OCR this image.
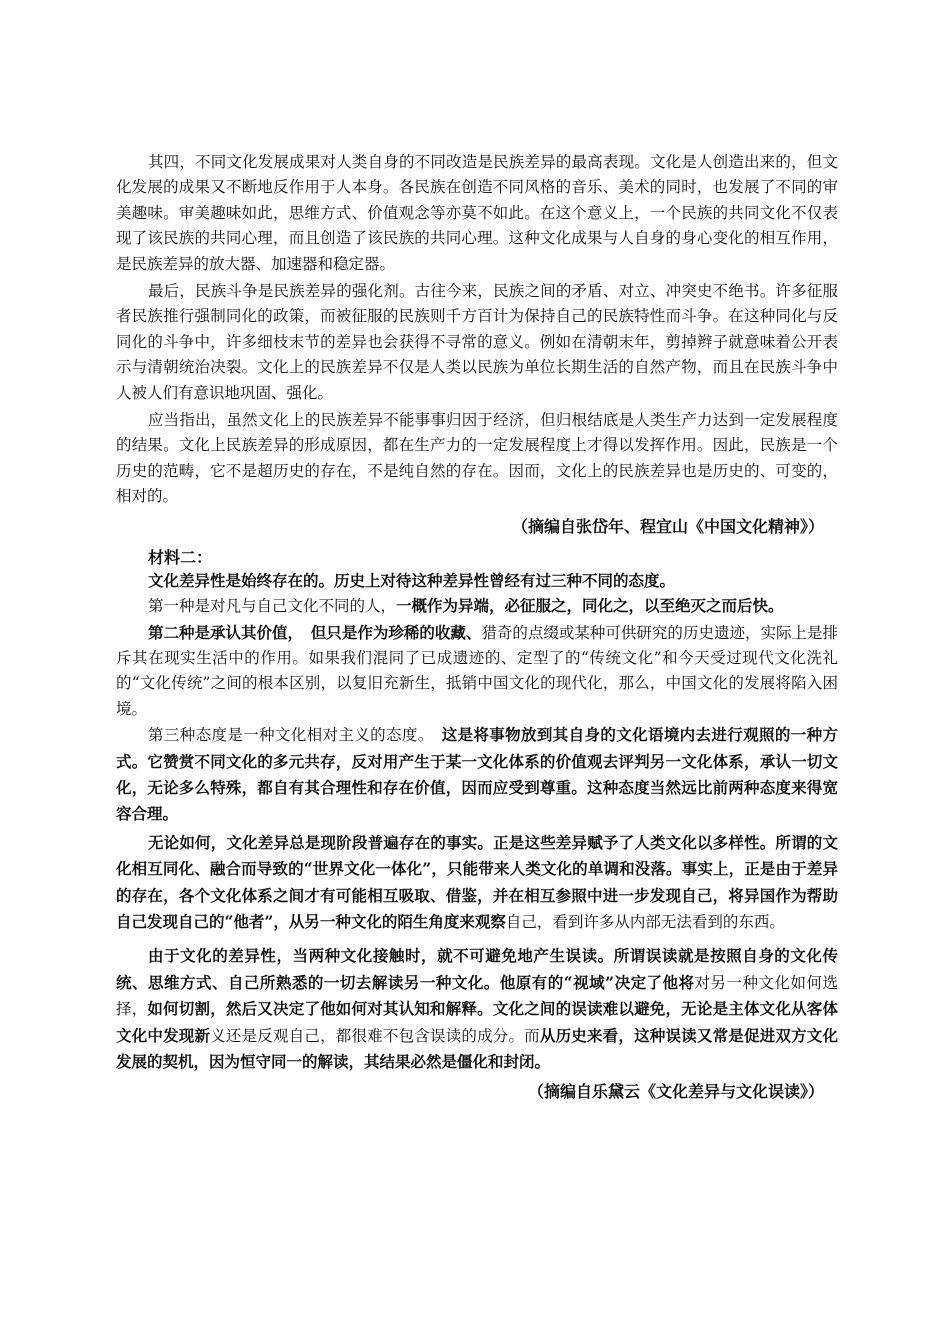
其四，不同文化发展成果对人类自身的不同改造是民族差异的最高表现。文化是人创造出来的，但文化发展的成果又不断地反作用于人本身。各民族在创造不同风格的音乐、美术的同时，也发展了不同的审美趣味。审美趣味如此，思维方式、价值观念等亦莫不如此。在这个意义上，一个民族的共同文化不仅表现了该民族的共同心理，而且创造了该民族的共同心理。这种文化成果与人自身的身心变化的相互作用，是民族差异的放大器、加速器和稳定器。

最后，民族斗争是民族差异的强化剂。古往今来，民族之间的矛盾、对立、冲突史不绝书。许多征服者民族推行强制同化的政策，而被征服的民族则千方百计为保持自己的民族特性而斗争。在这种同化与反同化的斗争中，许多细枝末节的差异也会获得不寻常的意义。例如在清朝末年，剪掉辫子就意味着公开表示与清朝统治决裂。文化上的民族差异不仅是人类以民族为单位长期生活的自然产物，而且在民族斗争中人被人们有意识地巩固、强化。

应当指出，虽然文化上的民族差异不能事事归因于经济，但归根结底是人类生产力达到一定发展程度的结果。文化上民族差异的形成原因，都在生产力的一定发展程度上才得以发挥作用。因此，民族是一个历史的范畴，它不是超历史的存在，不是纯自然的存在。因而，文化上的民族差异也是历史的、可变的，相对的。

（摘编自张岱年、程宜山《中国文化精神》）
材料二：

文化差异性是始终存在的。历史上对待这种差异性曾经有过三种不同的态度。

第一种是对凡与自己文化不同的人，一概作为异端，必征服之，同化之，以至绝灭之而后快。

第二种是承认其价值，　但只是作为珍稀的收藏、猎奇的点缀或某种可供研究的历史遗迹，实际上是排斥其在现实生活中的作用。如果我们混同了已成遗迹的、定型了的“传统文化”和今天受过现代文化洗礼的“文化传统”之间的根本区别，以复旧充新生，抵销中国文化的现代化，那么，中国文化的发展将陷入困境。

第三种态度是一种文化相对主义的态度。　这是将事物放到其自身的文化语境内去进行观照的一种方式。它赞赏不同文化的多元共存，反对用产生于某一文化体系的价值观去评判另一文化体系，承认一切文化，无论多么特殊，都自有其合理性和存在价值，因而应受到尊重。这种态度当然远比前两种态度来得宽容合理。

无论如何，文化差异总是现阶段普遍存在的事实。正是这些差异赋予了人类文化以多样性。所谓的文化相互同化、融合而导致的“世界文化一体化”，只能带来人类文化的单调和没落。事实上，正是由于差异的存在，各个文化体系之间才有可能相互吸取、借鉴，并在相互参照中进一步发现自己，将异国作为帮助自己发现自己的“他者”，从另一种文化的陌生角度来观察自己，看到许多从内部无法看到的东西。

由于文化的差异性，当两种文化接触时，就不可避免地产生误读。所谓误读就是按照自身的文化传统、思维方式、自己所熟悉的一切去解读另一种文化。他原有的“视域”决定了他将对另一种文化如何选择，如何切割，然后又决定了他如何对其认知和解释。文化之间的误读难以避免，无论是主体文化从客体文化中发现新义还是反观自己，都很难不包含误读的成分。而从历史来看，这种误读又常是促进双方文化发展的契机，因为恒守同一的解读，其结果必然是僵化和封闭。

（摘编自乐黛云《文化差异与文化误读》）
